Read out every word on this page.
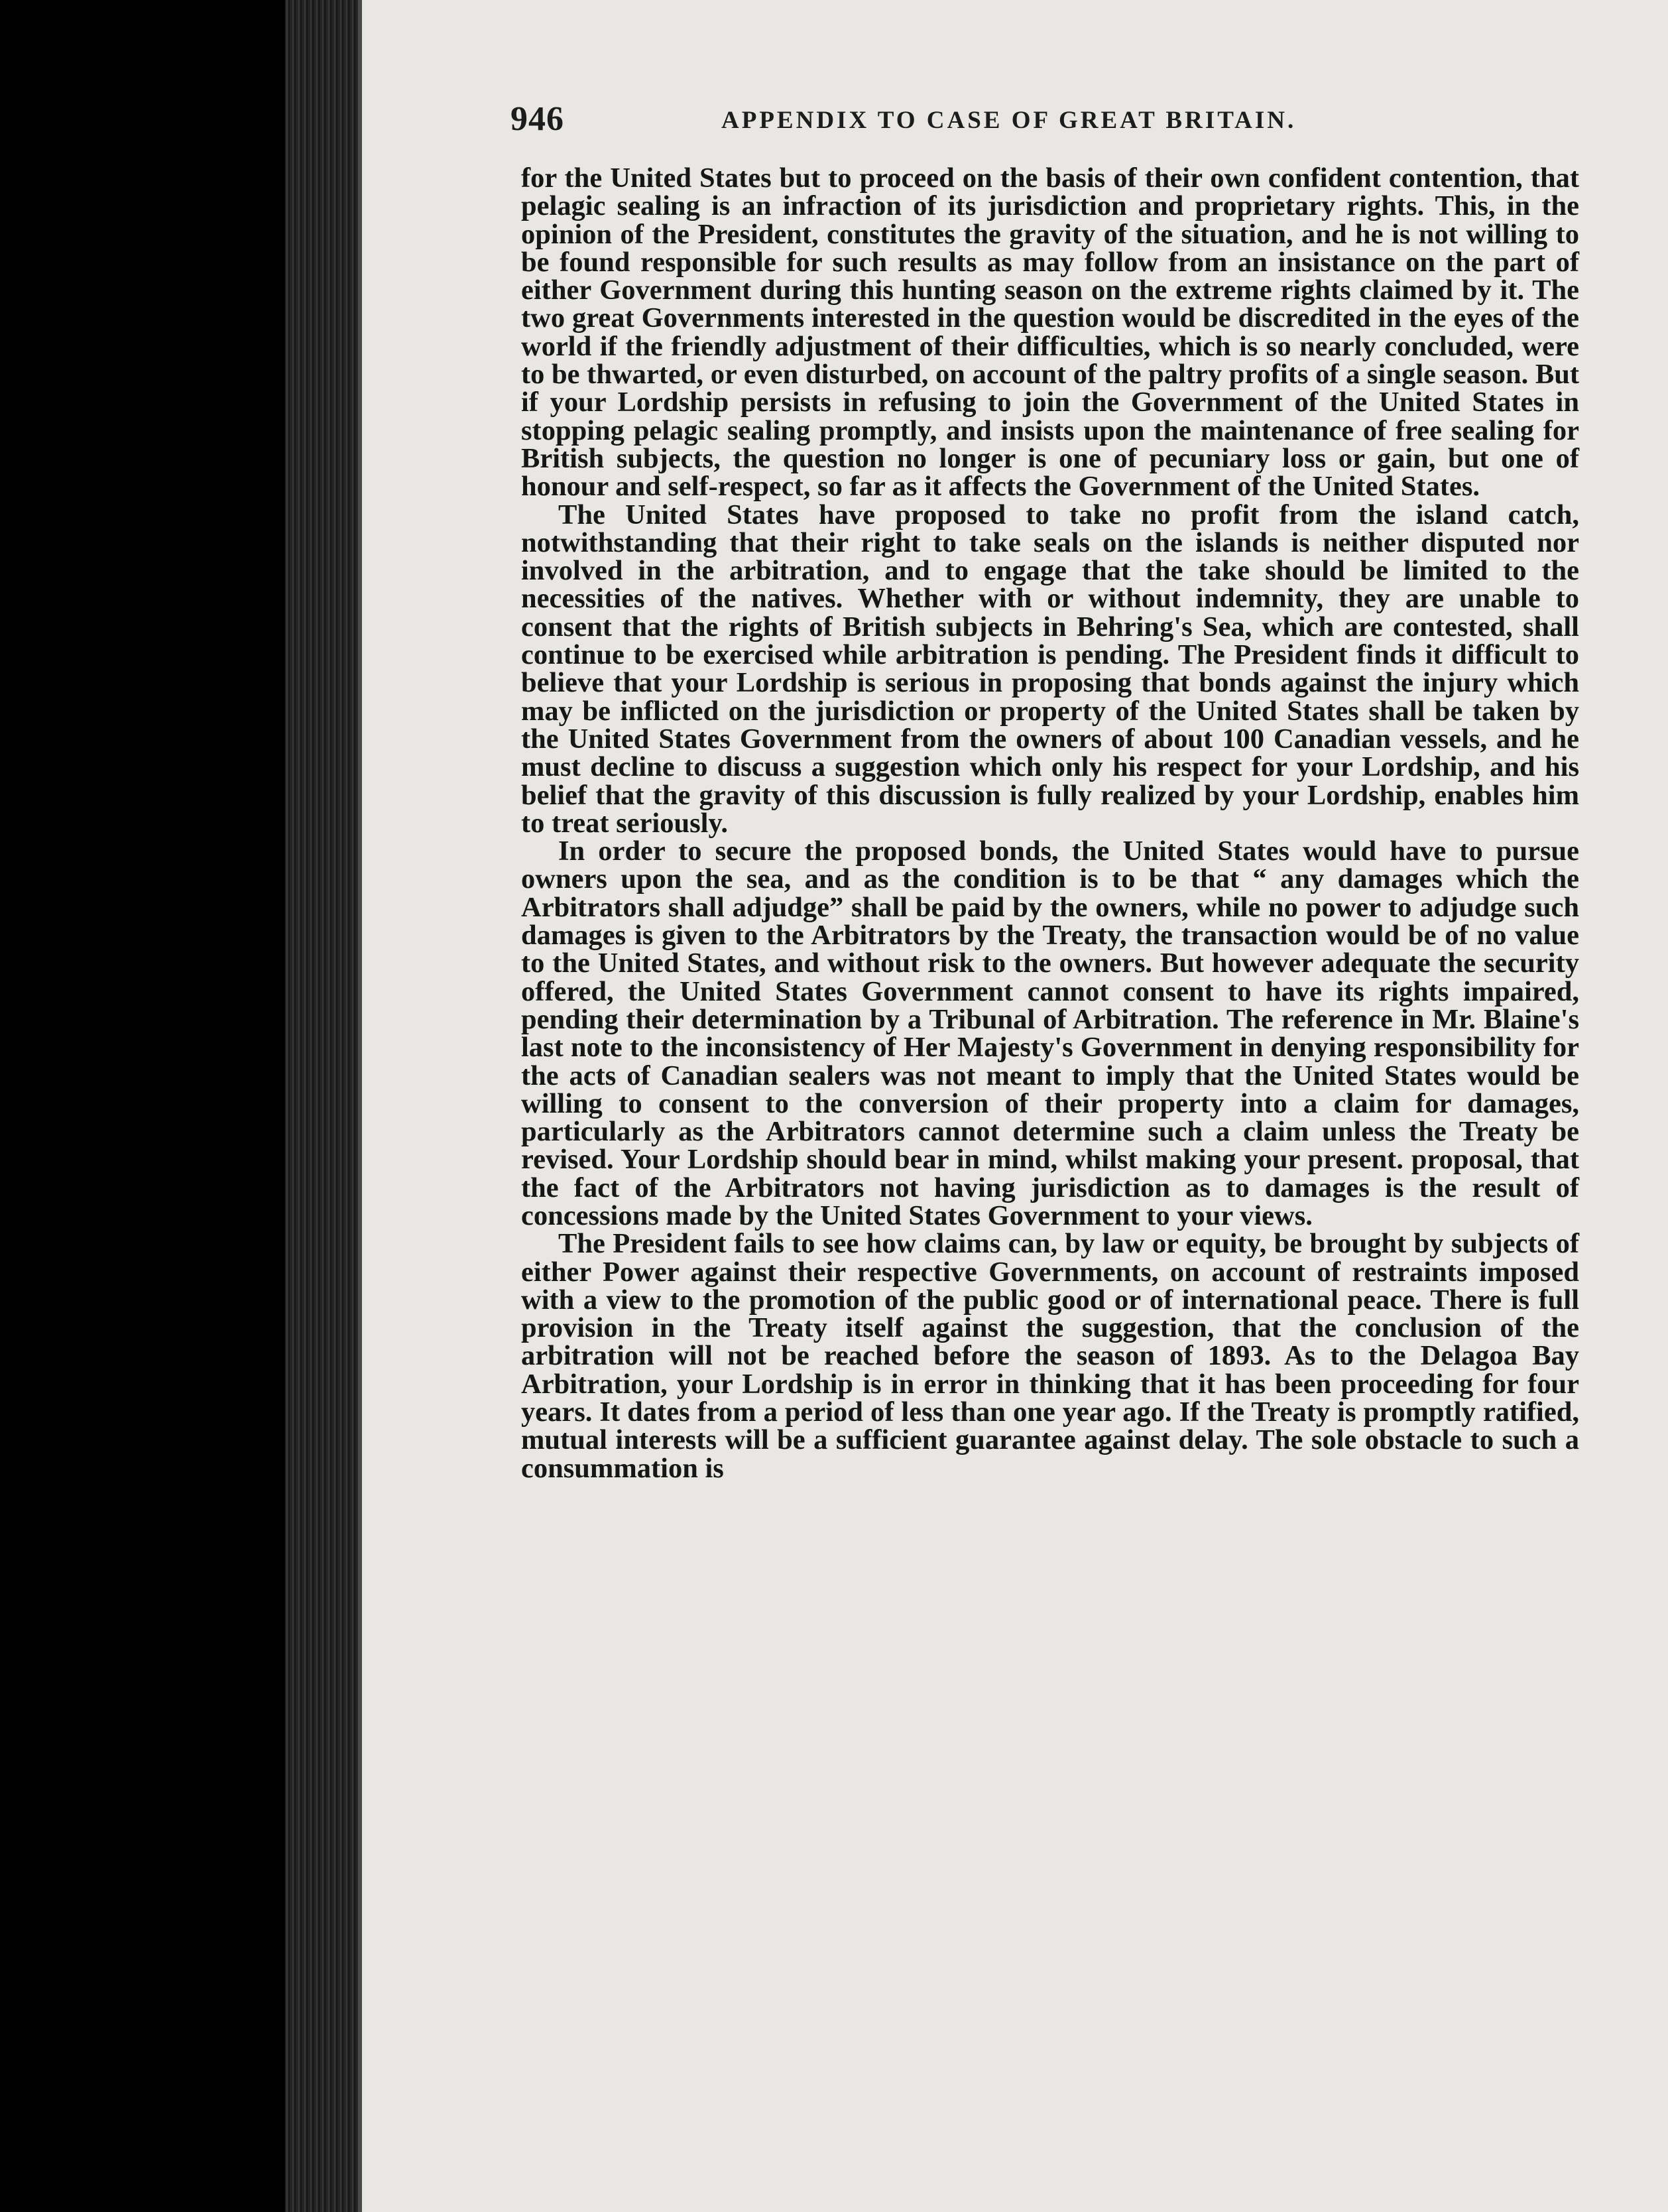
946	APPENDIX TO CASE OF GREAT BRITAIN.

for the United States but to proceed on the basis of their own confident contention, that pelagic sealing is an infraction of its jurisdiction and proprietary rights. This, in the opinion of the President, constitutes the gravity of the situation, and he is not willing to be found responsible for such results as may follow from an insistance on the part of either Government during this hunting season on the extreme rights claimed by it. The two great Governments interested in the question would be discredited in the eyes of the world if the friendly adjustment of their difficulties, which is so nearly concluded, were to be thwarted, or even disturbed, on account of the paltry profits of a single season. But if your Lordship persists in refusing to join the Government of the United States in stopping pelagic sealing promptly, and insists upon the maintenance of free sealing for British subjects, the question no longer is one of pecuniary loss or gain, but one of honour and self-respect, so far as it affects the Government of the United States.

The United States have proposed to take no profit from the island catch, notwithstanding that their right to take seals on the islands is neither disputed nor involved in the arbitration, and to engage that the take should be limited to the necessities of the natives. Whether with or without indemnity, they are unable to consent that the rights of British subjects in Behring's Sea, which are contested, shall continue to be exercised while arbitration is pending. The President finds it difficult to believe that your Lordship is serious in proposing that bonds against the injury which may be inflicted on the jurisdiction or property of the United States shall be taken by the United States Government from the owners of about 100 Canadian vessels, and he must decline to discuss a suggestion which only his respect for your Lordship, and his belief that the gravity of this discussion is fully realized by your Lordship, enables him to treat seriously.

In order to secure the proposed bonds, the United States would have to pursue owners upon the sea, and as the condition is to be that “ any damages which the Arbitrators shall adjudge” shall be paid by the owners, while no power to adjudge such damages is given to the Arbitrators by the Treaty, the transaction would be of no value to the United States, and without risk to the owners. But however adequate the security offered, the United States Government cannot consent to have its rights impaired, pending their determination by a Tribunal of Arbitration. The reference in Mr. Blaine's last note to the inconsistency of Her Majesty's Government in denying responsibility for the acts of Canadian sealers was not meant to imply that the United States would be willing to consent to the conversion of their property into a claim for damages, particularly as the Arbitrators cannot determine such a claim unless the Treaty be revised. Your Lordship should bear in mind, whilst making your present. proposal, that the fact of the Arbitrators not having jurisdiction as to damages is the result of concessions made by the United States Government to your views.

The President fails to see how claims can, by law or equity, be brought by subjects of either Power against their respective Governments, on account of restraints imposed with a view to the promotion of the public good or of international peace. There is full provision in the Treaty itself against the suggestion, that the conclusion of the arbitration will not be reached before the season of 1893. As to the Delagoa Bay Arbitration, your Lordship is in error in thinking that it has been proceeding for four years. It dates from a period of less than one year ago. If the Treaty is promptly ratified, mutual interests will be a sufficient guarantee against delay. The sole obstacle to such a consummation is
